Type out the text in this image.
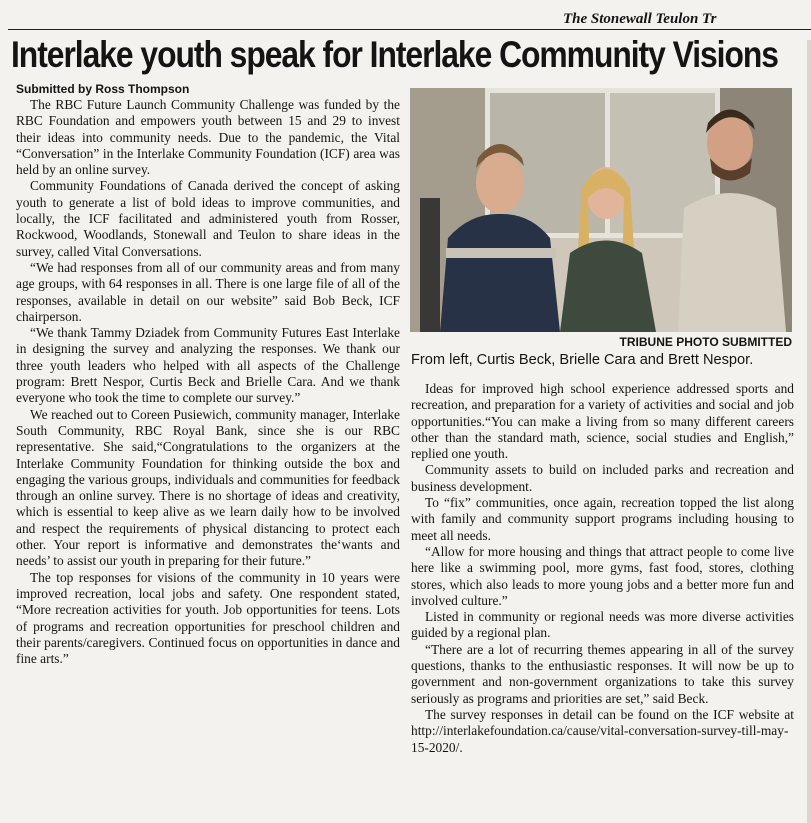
The Stonewall Teulon Tr
Interlake youth speak for Interlake Community Visions
Submitted by Ross Thompson

The RBC Future Launch Community Challenge was funded by the RBC Foundation and empowers youth between 15 and 29 to invest their ideas into community needs. Due to the pandemic, the Vital “Conversation” in the Interlake Community Foundation (ICF) area was held by an online survey.

Community Foundations of Canada derived the concept of asking youth to generate a list of bold ideas to improve communities, and locally, the ICF facilitated and administered youth from Rosser, Rockwood, Woodlands, Stonewall and Teulon to share ideas in the survey, called Vital Conversations.

“We had responses from all of our community areas and from many age groups, with 64 responses in all. There is one large file of all of the responses, available in detail on our website” said Bob Beck, ICF chairperson.

“We thank Tammy Dziadek from Community Futures East Interlake in designing the survey and analyzing the responses. We thank our three youth leaders who helped with all aspects of the Challenge program: Brett Nespor, Curtis Beck and Brielle Cara. And we thank everyone who took the time to complete our survey.”

We reached out to Coreen Pusiewich, community manager, Interlake South Community, RBC Royal Bank, since she is our RBC representative. She said,“Congratulations to the organizers at the Interlake Community Foundation for thinking outside the box and engaging the various groups, individuals and communities for feedback through an online survey. There is no shortage of ideas and creativity, which is essential to keep alive as we learn daily how to be involved and respect the requirements of physical distancing to protect each other. Your report is informative and demonstrates the‘wants and needs’ to assist our youth in preparing for their future.”

The top responses for visions of the community in 10 years were improved recreation, local jobs and safety. One respondent stated, “More recreation activities for youth. Job opportunities for teens. Lots of programs and recreation opportunities for preschool children and their parents/caregivers. Continued focus on opportunities in dance and fine arts.”

TRIBUNE PHOTO SUBMITTED
From left, Curtis Beck, Brielle Cara and Brett Nespor.

Ideas for improved high school experience addressed sports and recreation, and preparation for a variety of activities and social and job opportunities.“You can make a living from so many different careers other than the standard math, science, social studies and English,” replied one youth.

Community assets to build on included parks and recreation and business development.

To “fix” communities, once again, recreation topped the list along with family and community support programs including housing to meet all needs.

“Allow for more housing and things that attract people to come live here like a swimming pool, more gyms, fast food, stores, clothing stores, which also leads to more young jobs and a better more fun and involved culture.”

Listed in community or regional needs was more diverse activities guided by a regional plan.

“There are a lot of recurring themes appearing in all of the survey questions, thanks to the enthusiastic responses. It will now be up to government and non-government organizations to take this survey seriously as programs and priorities are set,” said Beck.

The survey responses in detail can be found on the ICF website at http://interlakefoundation.ca/cause/vital-conversation-survey-till-may-15-2020/.
